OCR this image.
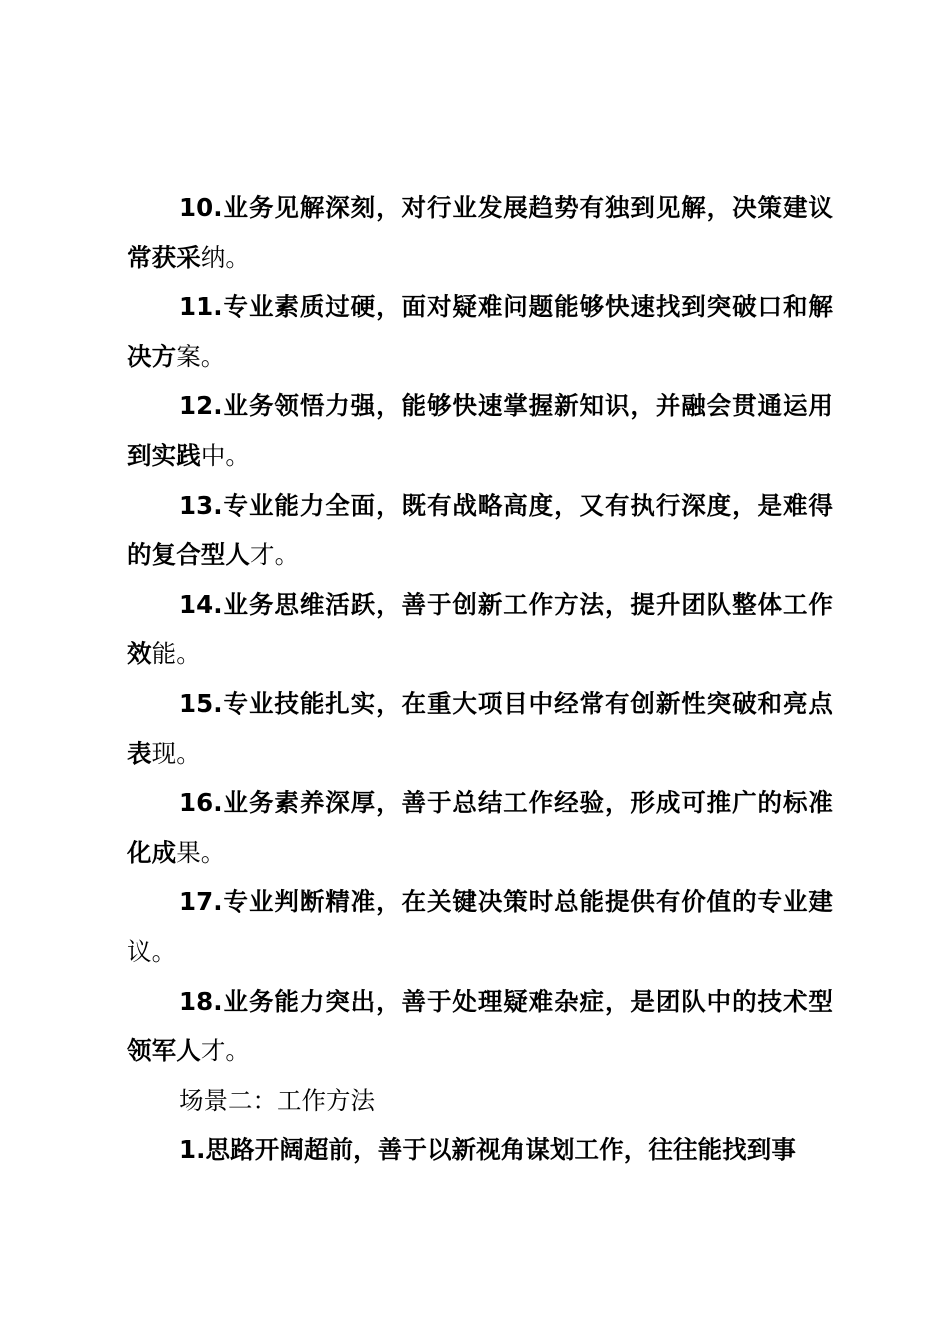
10.业务见解深刻，对行业发展趋势有独到见解，决策建议常获采纳。

11.专业素质过硬，面对疑难问题能够快速找到突破口和解决方案。

12.业务领悟力强，能够快速掌握新知识，并融会贯通运用到实践中。

13.专业能力全面，既有战略高度，又有执行深度，是难得的复合型人才。

14.业务思维活跃，善于创新工作方法，提升团队整体工作效能。

15.专业技能扎实，在重大项目中经常有创新性突破和亮点表现。

16.业务素养深厚，善于总结工作经验，形成可推广的标准化成果。

17.专业判断精准，在关键决策时总能提供有价值的专业建议。

18.业务能力突出，善于处理疑难杂症，是团队中的技术型领军人才。

场景二：工作方法

1.思路开阔超前，善于以新视角谋划工作，往往能找到事
